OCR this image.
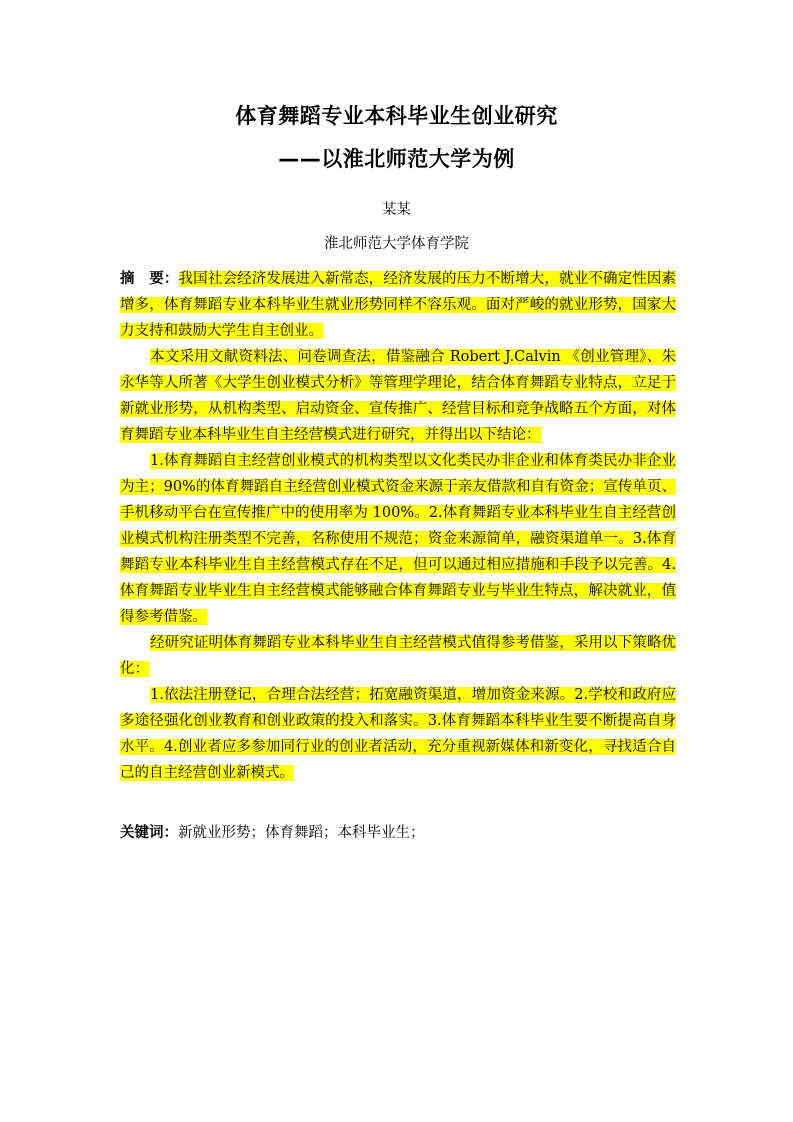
体育舞蹈专业本科毕业生创业研究
——以淮北师范大学为例
某某
淮北师范大学体育学院

摘　要：我国社会经济发展进入新常态，经济发展的压力不断增大，就业不确定性因素增多，体育舞蹈专业本科毕业生就业形势同样不容乐观。面对严峻的就业形势，国家大力支持和鼓励大学生自主创业。

本文采用文献资料法、问卷调查法，借鉴融合 Robert J.Calvin 《创业管理》、朱永华等人所著《大学生创业模式分析》等管理学理论，结合体育舞蹈专业特点，立足于新就业形势，从机构类型、启动资金、宣传推广、经营目标和竞争战略五个方面，对体育舞蹈专业本科毕业生自主经营模式进行研究，并得出以下结论：

1.体育舞蹈自主经营创业模式的机构类型以文化类民办非企业和体育类民办非企业为主；90%的体育舞蹈自主经营创业模式资金来源于亲友借款和自有资金；宣传单页、手机移动平台在宣传推广中的使用率为 100%。2.体育舞蹈专业本科毕业生自主经营创业模式机构注册类型不完善，名称使用不规范；资金来源简单，融资渠道单一。3.体育舞蹈专业本科毕业生自主经营模式存在不足，但可以通过相应措施和手段予以完善。4.体育舞蹈专业毕业生自主经营模式能够融合体育舞蹈专业与毕业生特点，解决就业，值得参考借鉴。

经研究证明体育舞蹈专业本科毕业生自主经营模式值得参考借鉴，采用以下策略优化：

1.依法注册登记，合理合法经营；拓宽融资渠道，增加资金来源。2.学校和政府应多途径强化创业教育和创业政策的投入和落实。3.体育舞蹈本科毕业生要不断提高自身水平。4.创业者应多参加同行业的创业者活动，充分重视新媒体和新变化，寻找适合自己的自主经营创业新模式。

关键词：新就业形势；体育舞蹈；本科毕业生；
